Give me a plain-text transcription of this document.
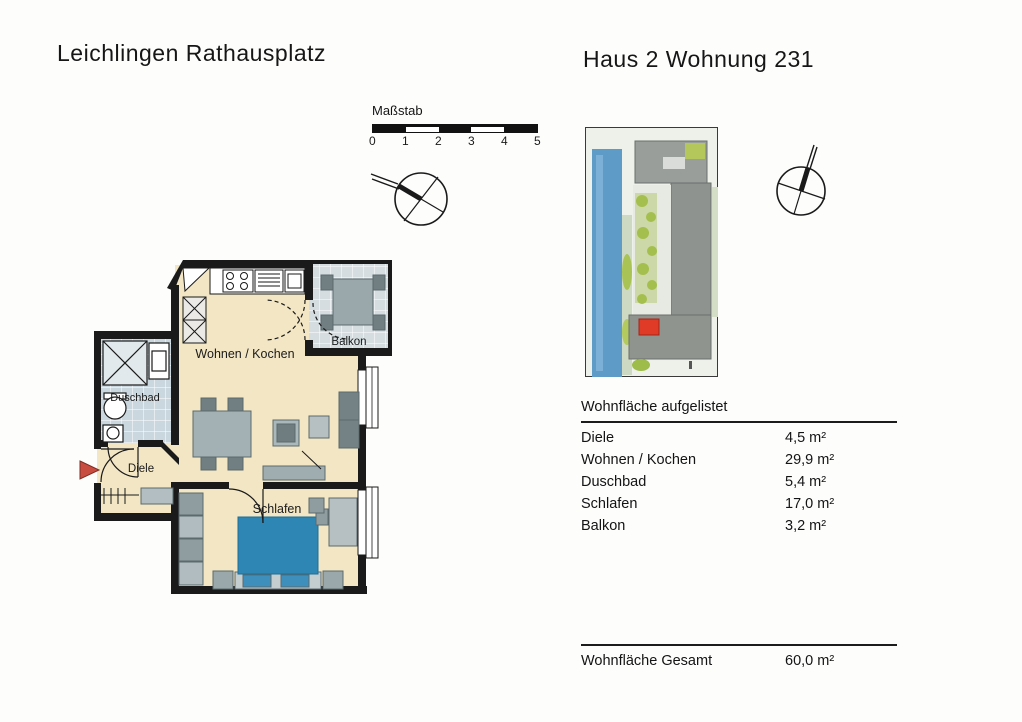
Leichlingen Rathausplatz	Haus 2 Wohnung 231
Maßstab
0 1 2 3 4 5
Wohnen / Kochen
Balkon
Duschbad
Diele
Schlafen
Wohnfläche aufgelistet
Diele	4,5 m²
Wohnen / Kochen	29,9 m²
Duschbad	5,4 m²
Schlafen	17,0 m²
Balkon	3,2 m²
Wohnfläche Gesamt	60,0 m²
